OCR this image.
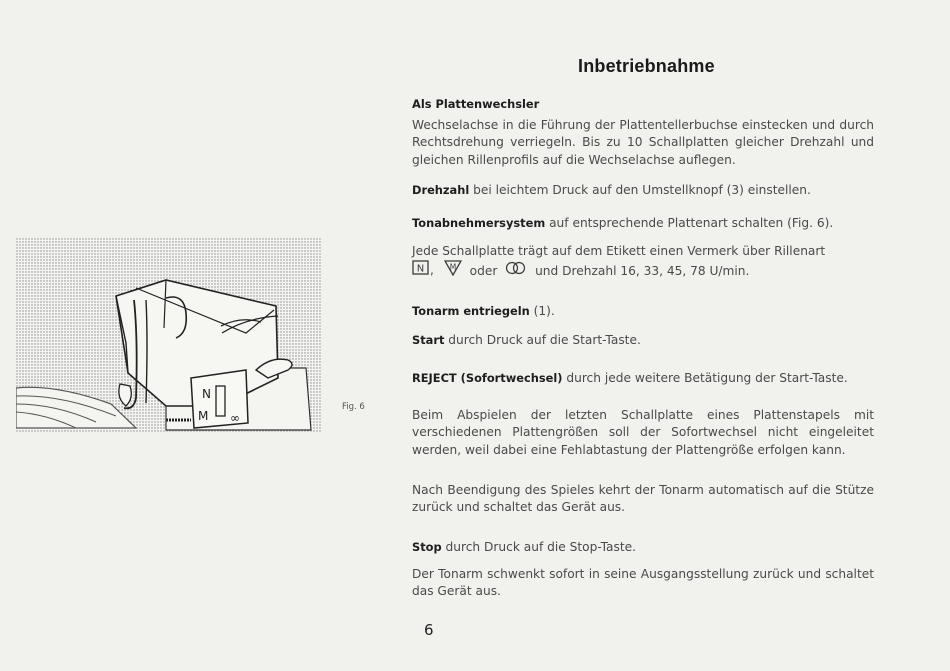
Inbetriebnahme
Als Plattenwechsler
Wechselachse in die Führung der Plattentellerbuchse einstecken und durch Rechtsdrehung verriegeln. Bis zu 10 Schallplatten gleicher Drehzahl und gleichen Rillenprofils auf die Wechselachse auflegen.
Drehzahl bei leichtem Druck auf den Umstellknopf (3) einstellen.
Tonabnehmersystem auf entsprechende Plattenart schalten (Fig. 6).
Jede Schallplatte trägt auf dem Etikett einen Vermerk über Rillenart
N , M oder	und Drehzahl 16, 33, 45, 78 U/min.
Tonarm entriegeln (1).
Start durch Druck auf die Start-Taste.
REJECT (Sofortwechsel) durch jede weitere Betätigung der Start-Taste.
Beim Abspielen der letzten Schallplatte eines Plattenstapels mit verschiedenen Plattengrößen soll der Sofortwechsel nicht eingeleitet werden, weil dabei eine Fehlabtastung der Plattengröße erfolgen kann.
Nach Beendigung des Spieles kehrt der Tonarm automatisch auf die Stütze zurück und schaltet das Gerät aus.
Stop durch Druck auf die Stop-Taste.
Der Tonarm schwenkt sofort in seine Ausgangsstellung zurück und schaltet das Gerät aus.
N
M ∞
Fig. 6
6
